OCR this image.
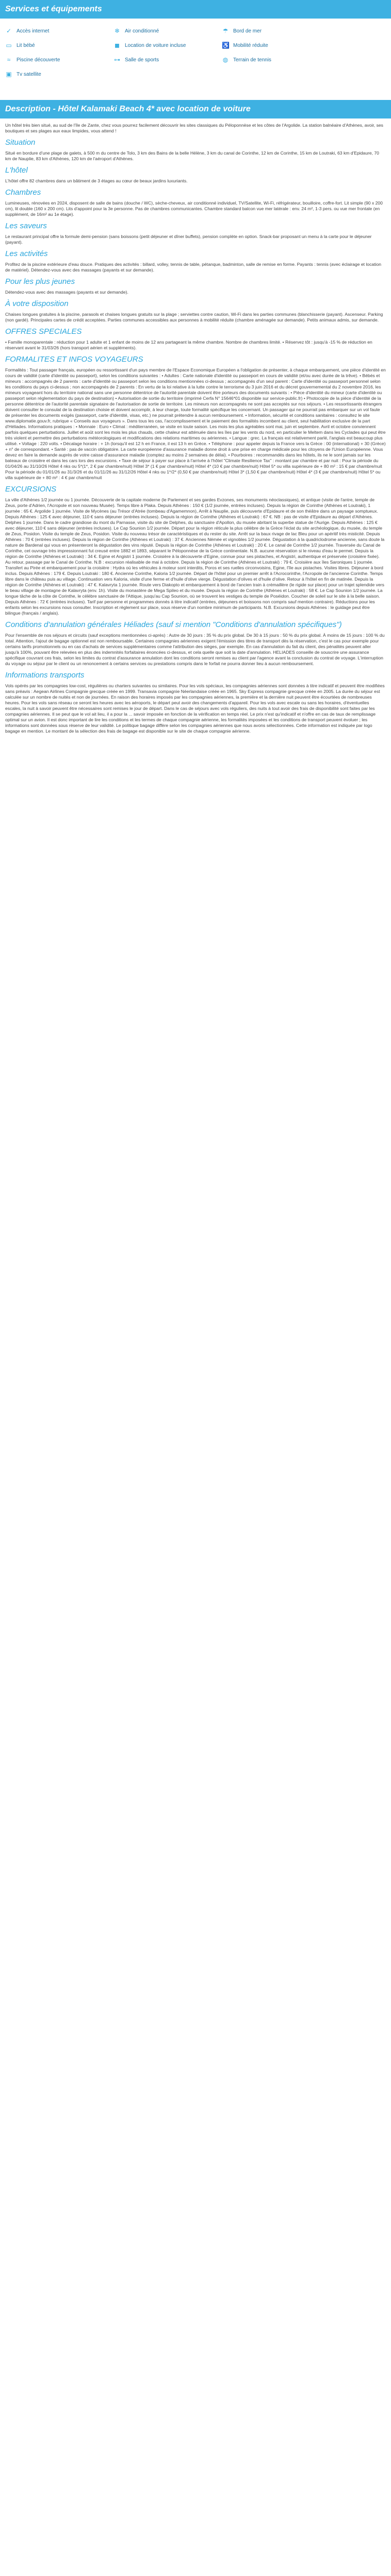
Services et équipements
✓ Accès internet	❄ Air conditionné	☂ Bord de mer
▭ Lit bébé	◼ Location de voiture incluse	♿ Mobilité réduite
≈	Piscine découverte	⊶ Salle de sports	◍ Terrain de tennis
▣ Tv satellite
Description - Hôtel Kalamaki Beach 4* avec location de voiture

Un hôtel très bien situé, au sud de l'île de Zante, chez vous pourrez facilement découvrir les sites classiques du Péloponnèse et les côtes de l'Argolide. La station balnéaire d'Athènes, avoir, ses boutiques et ses plages aux eaux limpides, vous attend !

Situation

Situé en bordure d'une plage de galets, à 500 m du centre de Tolo, 3 km des Bains de la belle Hélène, 3 km du canal de Corinthe, 12 km de Corinthe, 15 km de Loutraki, 63 km d'Epidaure, 70 km de Nauplie, 83 km d'Athènes, 120 km de l'aéroport d'Athènes.

L'hôtel

L'hôtel offre 82 chambres dans un bâtiment de 3 étages au cœur de beaux jardins luxuriants.

Chambres

Lumineuses, rénovées en 2024, disposent de salle de bains (douche / WC), sèche-cheveux, air conditionné individuel, TV/Satellite, Wi-Fi, réfrigérateur, bouilloire, coffre-fort. Lit simple (90 x 200 cm), lit double (160 x 200 cm). Lits d'appoint pour la 3e personne. Pas de chambres communicantes. Chambre standard balcon vue mer latérale : env. 24 m², 1-3 pers. ou vue mer frontale (en supplément, de 16m² au 1e étage).

Les saveurs

Le restaurant principal offre la formule demi-pension (sans boissons (petit déjeuner et dîner buffets), pension complète en option. Snack-bar proposant un menu à la carte pour le déjeuner (payant).

Les activités

Profitez de la piscine extérieure d'eau douce. Pratiques des activités : billard, volley, tennis de table, pétanque, badminton, salle de remise en forme. Payants : tennis (avec éclairage et location de matériel). Détendez-vous avec des massages (payants et sur demande).

Pour les plus jeunes

Détendez-vous avec des massages (payants et sur demande).

À votre disposition

Chaises longues gratuites à la piscine, parasols et chaises longues gratuits sur la plage ; serviettes contre caution, Wi-Fi dans les parties communes (blanchisserie (payant). Ascenseur. Parking (non gardé). Principales cartes de crédit acceptées. Parties communes accessibles aux personnes à mobilité réduite (chambre aménagée sur demande). Petits animaux admis, sur demande.

OFFRES SPECIALES

• Famille monoparentale : réduction pour 1 adulte et 1 enfant de moins de 12 ans partageant la même chambre. Nombre de chambres limité. • Réservez tôt : jusqu'à -15 % de réduction en réservant avant le 31/03/26 (hors transport aérien et suppléments).

FORMALITES ET INFOS VOYAGEURS

Formalités : Tout passager français, européen ou ressortissant d'un pays membre de l'Espace Economique Européen a l'obligation de présenter, à chaque embarquement, une pièce d'identité en cours de validité (carte d'identité ou passeport), selon les conditions suivantes : • Adultes : Carte nationale d'identité ou passeport en cours de validité (et/ou avec durée de la trêve). • Bébés et mineurs : accompagnés de 2 parents : carte d'identité ou passeport selon les conditions mentionnées ci-dessus ; accompagnés d'un seul parent : Carte d'identité ou passeport personnel selon les conditions du pays ci-dessus ; non accompagnés de 2 parents : En vertu de la loi relative à la lutte contre le terrorisme du 3 juin 2016 et du décret gouvernemental du 2 novembre 2016, les mineurs voyageant hors du territoire national sans une personne détentrice de l'autorité parentale doivent être porteurs des documents suivants : • Pièce d'identité du mineur (carte d'identité ou passeport selon réglementation du pays de destination) • Autorisation de sortie du territoire (imprimé Cerfa N° 15646*01 disponible sur service-public.fr) • Photocopie de la pièce d'identité de la personne détentrice de l'autorité parentale signataire de l'autorisation de sortie de territoire. Les mineurs non accompagnés ne sont pas acceptés sur nos séjours. • Les ressortissants étrangers doivent consulter le consulat de la destination choisie et doivent accomplir, à leur charge, toute formalité spécifique les concernant. Un passager qui ne pourrait pas embarquer sur un vol faute de présenter les documents exigés (passeport, carte d'identité, visas, etc.) ne pourrait prétendre à aucun remboursement. • Information, sécurité et conditions sanitaires : consultez le site www.diplomatie.gouv.fr, rubrique « Conseils aux voyageurs ». Dans tous les cas, l'accomplissement et le paiement des formalités incombent au client, seul habilitation exclusive de la part d'Héliades. Informations pratiques : • Monnaie : Euro • Climat : méditerranéen, se visite en toute saison. Les mois les plus agréables sont mai, juin et septembre. Avril et octobre conviennent parfois quelques perturbations. Juillet et août sont les mois les plus chauds, cette chaleur est atténuée dans les îles par les vents du nord, en particulier le Meltem dans les Cyclades qui peut être très violent et permettre des perturbations météorologiques et modifications des relations maritimes ou aériennes. • Langue : grec. La français est relativement parlé, l'anglais est beaucoup plus utilisé. • Voltage : 220 volts. • Décalage horaire : + 1h (lorsqu'il est 12 h en France, il est 13 h en Grèce. • Téléphone : pour appeler depuis la France vers la Grèce : 00 (international) + 30 (Grèce) + n° de correspondant. • Santé : pas de vaccin obligatoire. La carte européenne d'assurance maladie donne droit à une prise en charge médicale pour les citoyens de l'Union Européenne. Vous devez en faire la demande auprès de votre caisse d'assurance maladie (comptez au moins 2 semaines de délai). • Pourboires : recommandés dans les hôtels, ils ne le sont jamais sur les bateaux de croisière et dans les cars lors des excursions. • Taxe de séjour à payer sur place à l'arrivée à l'hôtel "Climate Resilience Tax" : montant par chambre et par nuit : Pour la période du 01/04/26 au 31/10/26 Hôtel 4 nks ou 5*(1*, 2 € par chambre/nuit) Hôtel 3* (1 € par chambre/nuit) Hôtel 4* (10 € par chambre/nuit) Hôtel 5* ou villa supérieure de + 80 m² : 15 € par chambre/nuit Pour la période du 01/01/26 au 31/3/26 et du 01/11/26 au 31/12/26 Hôtel 4 nks ou 1*/2* (0,50 € par chambre/nuit) Hôtel 3* (1,50 € par chambre/nuit) Hôtel 4* (3 € par chambre/nuit) Hôtel 5* ou villa supérieure de + 80 m² : 4 € par chambre/nuit

EXCURSIONS

La ville d'Athènes 1/2 journée ou 1 journée. Découverte de la capitale moderne (le Parlement et ses gardes Evzones, ses monuments néoclassiques), et antique (visite de l'antre, temple de Zeus, porte d'Adrien, l'Acropole et son nouveau Musée). Temps libre à Plaka. Depuis Athènes : 150 € (1/2 journée, entrées incluses). Depuis la région de Corinthe (Athènes et Loutraki), 1 journée : 65 €. Argolide 1 journée. Visite de Mycènes (au Trésor d'Atrée (tombeau d'Agamemnon), Arrêt à Nauplie, puis découverte d'Epidaure et de son théâtre dans un paysage somptueux. Depuis Athènes : 125 € avec déjeuner, 110 € sans déjeuner (entrées incluses). Depuis la région de Corinthe (Athènes et Loutraki) : 67 €. NB : pas de visite d'Epidaure au départ d'Athènes. Delphes 1 journée. Dans le cadre grandiose du mont du Parnasse, visite du site de Delphes, du sanctuaire d'Apollon, du musée abritant la superbe statue de l'Aurige. Depuis Athènes : 125 € avec déjeuner, 110 € sans déjeuner (entrées incluses). Le Cap Sounion 1/2 journée. Départ pour la région réticule la plus célèbre de la Grèce l'éclat du site archéologique, du musée, du temple de Zeus, Posidon. Visite du temple de Zeus, Posidon. Visite du nouveau trésor de caractéristiques et du rester du site. Arrêt sur la baux rivage de lac Bleu pour un apéritif très misticité. Depuis Athènes : 70 € (entrées incluses). Depuis la région de Corinthe (Athènes et Loutraki) : 37 €. Anciennes Némée et vignobles 1/2 journée. Dégustation à la quadriclodrome ancienne, sans doute la nature de Bardenal qui vous en présenteront la dégustation des vins réputé. Depuis la région de Corinthe (Athènes et Loutraki) : 20 €. Le canal de Corinthe 1/2 journée. Traversée du Canal de Corinthe, cet ouvrage très impressionnant fut creusé entre 1882 et 1893, séparant le Péloponnèse de la Grèce continentale. N.B. aucune réservation si le niveau d'eau le permet. Depuis la région de Corinthe (Athènes et Loutraki) : 34 €. Egine et Angistri 1 journée. Croisière à la découverte d'Egine, connue pour ses pistaches, et Angistri, authentique et préservée (croisière fixée). Au retour, passage par le Canal de Corinthe. N.B : excursion réalisable de mai à octobre. Depuis la région de Corinthe (Athènes et Loutraki) : 79 €. Croisière aux îles Saroniques 1 journée. Transfert au Pirée et embarquement pour la croisière : Hydra où les véhicules à moteur sont interdits, Poros et ses ruelles circonvoisins, Egine, l'île aux pistaches. Visites libres. Déjeuner à bord inclus. Depuis Athènes : 179 €. Depuis Loutraki : 180 €. Ancienne Corinthe, Kaloria 1/2 journée. Départ de l'hôtel pour un premier arrêt à l'Acrocorinthe, l'Acropole de l'ancienne Corinthe. Temps libre dans le château puis au village. Continuation vers Kaloria, visite d'une ferme et d'huile d'olive vierge. Dégustation d'olives et d'huile d'olive. Retour à l'hôtel en fin de matinée. Depuis la région de Corinthe (Athènes et Loutraki) : 47 €. Kalavryta 1 journée. Route vers Diakopto et embarquement à bord de l'ancien train à crémaillère (le rigide sur place) pour un trajet splendide vers le beau village de montagne de Kalavryta (env. 1h). Visite du monastère de Mega Spileo et du musée. Depuis la région de Corinthe (Athènes et Loutraki) : 58 €. Le Cap Sounion 1/2 journée. La longue tâche de la côte de Corinthe, le célèbre sanctuaire de l'Attique, jusqu'au Cap Sounion, où se trouvent les vestiges du temple de Poséidon. Coucher de soleil sur le site à la belle saison. Depuis Athènes : 72 € (entrées incluses). Tarif par personne et programmes donnés à titre indicatif (entrées, déjeuners et boissons non compris sauf mention contraire). Réductions pour les enfants selon les excursions nous consulter. Inscription et règlement sur place, sous réserve d'un nombre minimum de participants. N.B. Excursions depuis Athènes : le guidage peut être bilingue (français / anglais).

Conditions d'annulation générales Héliades (sauf si mention "Conditions d'annulation spécifiques")

Pour l'ensemble de nos séjours et circuits (sauf exceptions mentionnées ci-après) : Autre de 30 jours : 35 % du prix global. De 30 à 15 jours : 50 % du prix global. À moins de 15 jours : 100 % du total. Attention, l'ajout de bagage optionnel est non remboursable. Certaines compagnies aériennes exigent l'émission des titres de transport dès la réservation, c'est le cas pour exemple pour certains tarifs promotionnels ou en cas d'achats de services supplémentaires comme l'attribution des sièges, par exemple. En cas d'annulation du fait du client, des pénalités peuvent aller jusqu'à 100%, pouvant être relevées en plus des indemnités forfaitaires énoncées ci-dessus, et cela quelle que soit la date d'annulation. HELIADES conseille de souscrire une assurance spécifique couvrant ces frais, selon les limites du contrat d'assurance annulation dont les conditions seront remises au client par l'agence avant la conclusion du contrat de voyage. L'interruption du voyage ou séjour par le client ou un renoncement à certains services ou prestations compris dans le forfait ne pourra donner lieu à aucun remboursement.

Informations transports

Vols opérés par les compagnies low-cost, régulières ou charters suivantes ou similaires. Pour les vols spéciaux, les compagnies aériennes sont données à titre indicatif et peuvent être modifiées sans préavis : Aegean Airlines Compagnie grecque créée en 1999. Transavia compagnie Néerlandaise créée en 1965. Sky Express compagnie grecque créée en 2005. La durée du séjour est calculée sur un nombre de nuités et non de journées. En raison des horaires imposés par les compagnies aériennes, la première et la dernière nuit peuvent être écourtées de nombreuses heures. Pour les vols sans réseau ce seront les heures avec les aéroports, le départ peut avoir des changements d'appareil. Pour les vols avec escale ou sans les horaires, d'éventuelles escales, la nuit à savoir peuvent être nécessaires sont remises le jour de départ. Dans le cas de séjours avec vols réguliers, des nuits à tout avoir des frais de disponibilité sont faites par les compagnies aériennes. Il se peut que le vol ait lieu, il a pour la ... savoir imposée en fonction de la vérification en temps réel. Le prix n'est qu'indicatif et n'offre en cas de taux de remplissage optimal sur un avion. Il est donc important de lire les conditions et les termes de chaque compagnie aérienne, les formalités imposées et les conditions de transport peuvent évoluer ; les informations sont données sous réserve de leur validité. Le politique bagage diffère selon les compagnies aériennes que nous avons sélectionnées. Cette information est indiquée par logo bagage en mention. Le montant de la sélection des frais de bagage est disponible sur le site de chaque compagnie aérienne.
